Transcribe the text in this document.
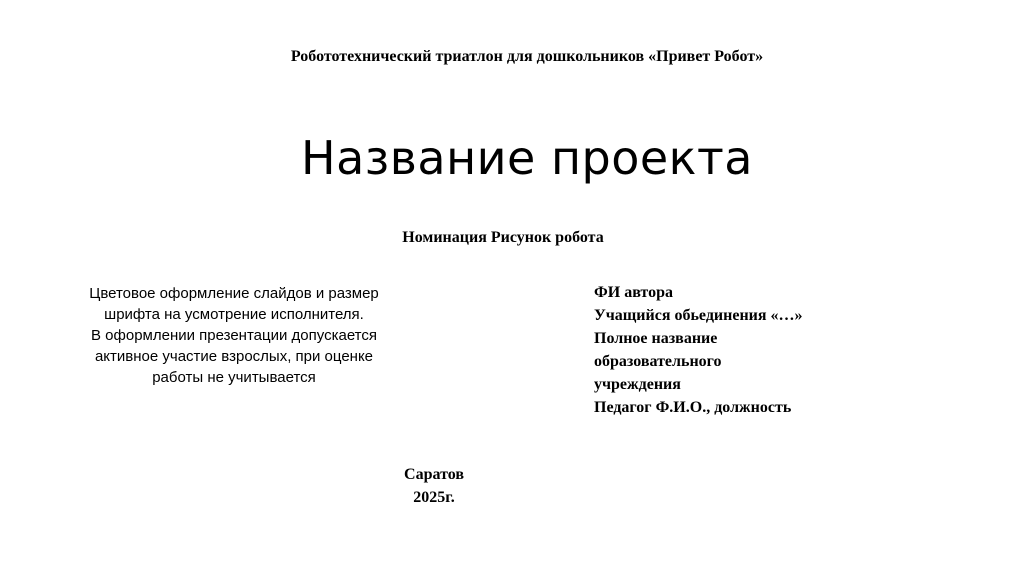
Робототехнический триатлон для дошкольников «Привет Робот»
Название проекта
Номинация Рисунок робота
Цветовое оформление слайдов и размер
шрифта на усмотрение исполнителя.
В оформлении презентации допускается
активное участие взрослых, при оценке
работы не учитывается
ФИ автора
Учащийся обьединения «…»
Полное название
образовательного
учреждения
Педагог Ф.И.О., должность
Саратов
2025г.
